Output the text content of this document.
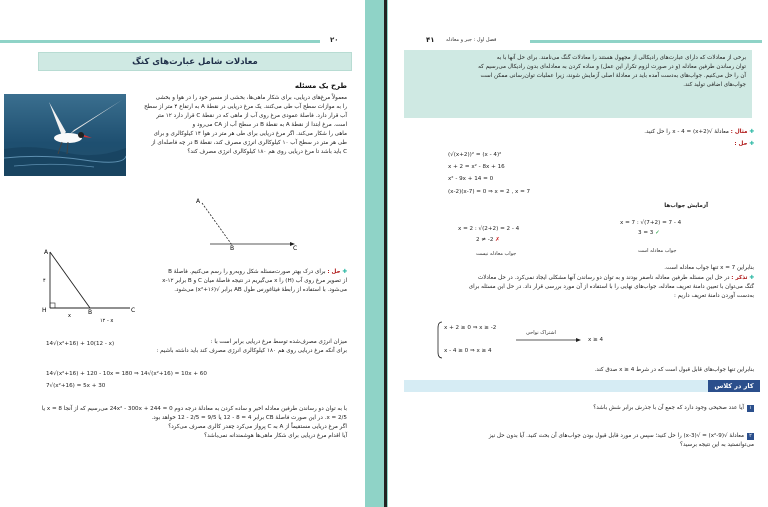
۲۰
معادلات شامل عبارت‌های کنگ
طرح یک مسئله
معمولاً مرغ‌های دریایی، برای شکار ماهی‌ها، بخشی از مسیر خود را در هوا و بخشی
را به موازات سطح آب طی می‌کنند. یک مرغ دریایی در نقطهٔ A به ارتفاع ۴ متر از سطح
آب قرار دارد. فاصلهٔ عمودی مرغ روی آب از ماهی که در نقطهٔ C قرار دارد ۱۲ متر
است. مرغ ابتدا از نقطهٔ A به نقطهٔ B در سطح آب از CA می‌رود و
ماهی را شکار می‌کند. اگر مرغ دریایی برای طی هر متر در هوا ۱۴ کیلوکالری و برای
طی هر متر در سطح آب ۱۰ کیلوکالری انرژی مصرف کند، نقطهٔ B در چه فاصله‌ای از
C باید باشد تا مرغ دریایی روی هم ۱۸۰ کیلوکالری انرژی مصرف کند؟
A
B	C
A
H	B	C
۴
x
۱۲ - x
✚ حل : برای درک بهتر صورت‌مسئله شکل روبه‌رو را رسم می‌کنیم. فاصلهٔ B
از تصویر مرغ روی آب (H) را x می‌گیریم در نتیجه فاصلهٔ میان C و B برابر ۱۲-x
می‌شود. با استفاده از رابطهٔ فیثاغورس طول AB برابر √(x²+۱۶) می‌شود.
میزان انرژی مصرف‌شده توسط مرغ دریایی برابر است با :
برای آنکه مرغ دریایی روی هم ۱۸۰ کیلوکالری انرژی مصرف کند باید داشته باشیم :
14√(x²+16) + 10(12 - x)
14√(x²+16) + 120 - 10x = 180 ⇒ 14√(x²+16) = 10x + 60
7√(x²+16) = 5x + 30
با به توان دو رساندن طرفین معادله اخیر و ساده کردن به معادلهٔ درجه دوم 24x² - 300x + 244 = 0 می‌رسیم که از آنجا x = 8 یا
x = 2/5. در این صورت فاصلهٔ CB برابر 4 = 8 - 12 یا 9/5 = 2/5 - 12 خواهد بود.
اگر مرغ دریایی مستقیماً از A به C پرواز می‌کرد چقدر کالری مصرف می‌کرد؟
آیا اقدام مرغ دریایی برای شکار ماهی‌ها هوشمندانه نمی‌باشد؟
۴۱ فصل اول : جبر و معادله
برخی از معادلات که دارای عبارت‌های رادیکالی از مجهول هستند را معادلات گنگ می‌نامند. برای حل آنها با به
توان رساندن طرفین معادله (و در صورت لزوم تکرار این عمل) و ساده کردن به معادله‌ای بدون رادیکال می‌رسیم که
آن را حل می‌کنیم. جواب‌های به‌دست آمده باید در معادلهٔ اصلی آزمایش شوند، زیرا عملیات توان‌رسانی ممکن است
جواب‌های اضافی تولید کند.
✚ مثال : معادلهٔ √(x+2) = x - 4 را حل کنید.
✚ حل :
(√(x+2))² = (x - 4)²
x + 2 = x² - 8x + 16
x² - 9x + 14 = 0
(x-2)(x-7) = 0 ⇒ x = 2 , x = 7
آزمایش جواب‌ها
x = 7 : √(7+2) = 7 - 4
3 = 3 ✓
جواب معادله است
x = 2 : √(2+2) = 2 - 4
2 ≠ -2 ✗
جواب معادله نیست
بنابراین x = 7 تنها جواب معادله است.
✚ تذکر : در حل این مسئله طرفین معادله ناصفر بودند و به توان دو رساندن آنها مشکلی ایجاد نمی‌کرد. در حل معادلات
گنگ می‌توان با تعیین دامنهٔ تعریف معادله، جواب‌های نهایی را با استفاده از آن مورد بررسی قرار داد. در حل این مسئله برای
به‌دست آوردن دامنهٔ تعریف داریم :
x + 2 ≥ 0 ⇒ x ≥ -2
x - 4 ≥ 0 ⇒ x ≥ 4
اشتراک نواحی
x ≥ 4
بنابراین تنها جواب‌های قابل قبول است که در شرط x ≥ 4 صدق کند.
کار در کلاس
۱آیا عدد صحیحی وجود دارد که جمع آن با جذرش برابر شش باشد؟
۲معادلهٔ √(x²-9) = √(x-3) را حل کنید؛ سپس در مورد قابل قبول بودن جواب‌های آن بحث کنید. آیا بدون حل نیز
می‌توانستید به این نتیجه برسید؟
